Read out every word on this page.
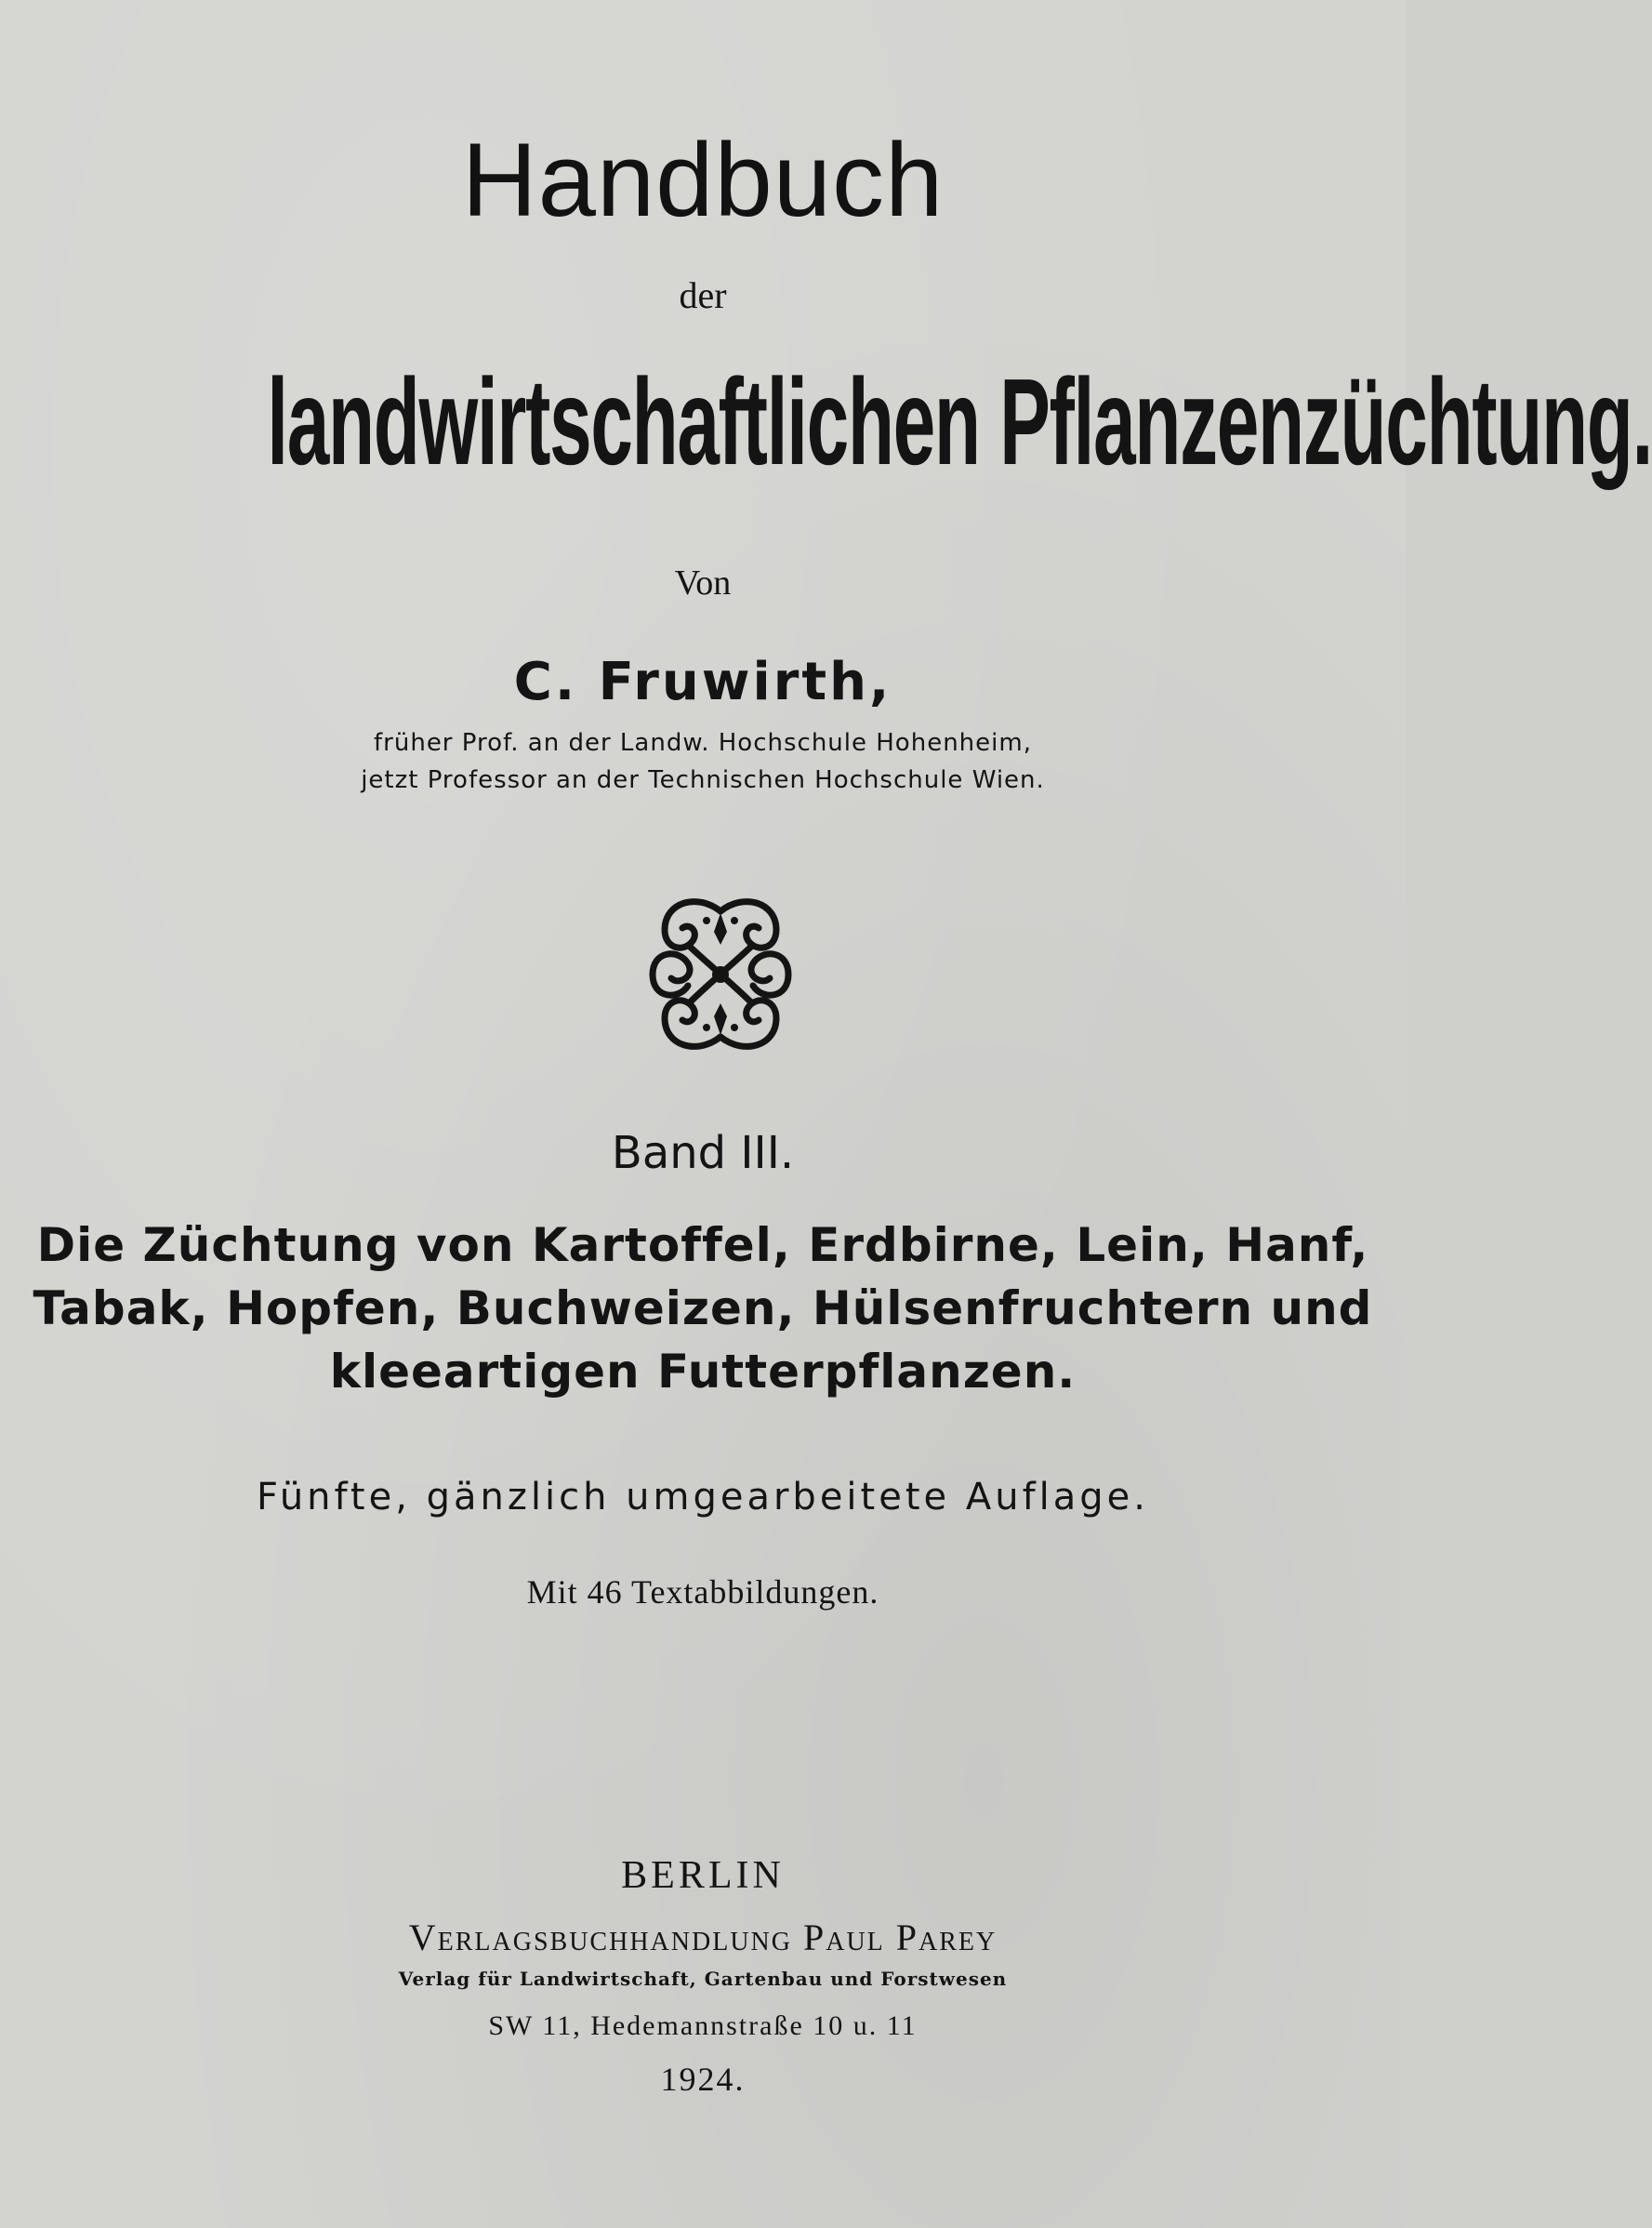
Handbuch
der
landwirtschaftlichen Pflanzenzüchtung.
Von
C. Fruwirth,
früher Prof. an der Landw. Hochschule Hohenheim,
jetzt Professor an der Technischen Hochschule Wien.
Band III.
Die Züchtung von Kartoffel, Erdbirne, Lein, Hanf,
Tabak, Hopfen, Buchweizen, Hülsenfruchtern und
kleeartigen Futterpflanzen.
Fünfte, gänzlich umgearbeitete Auflage.
Mit 46 Textabbildungen.
BERLIN
Verlagsbuchhandlung Paul Parey
Verlag für Landwirtschaft, Gartenbau und Forstwesen
SW 11, Hedemannstraße 10 u. 11
1924.
